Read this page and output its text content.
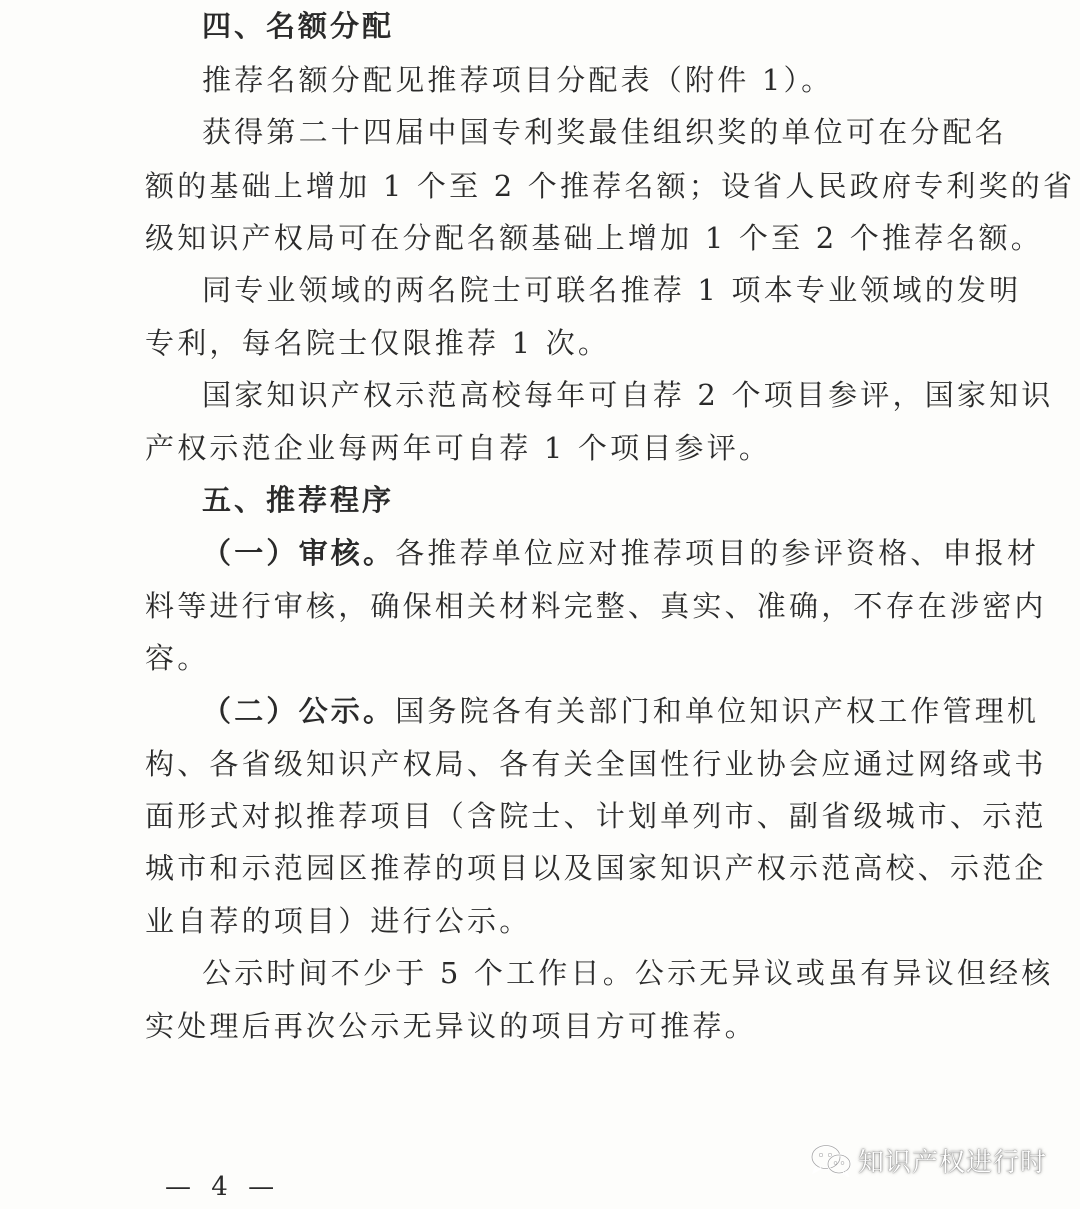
四、名额分配
推荐名额分配见推荐项目分配表（附件 1）。
获得第二十四届中国专利奖最佳组织奖的单位可在分配名
额的基础上增加 1 个至 2 个推荐名额；设省人民政府专利奖的省
级知识产权局可在分配名额基础上增加 1 个至 2 个推荐名额。
同专业领域的两名院士可联名推荐 1 项本专业领域的发明
专利，每名院士仅限推荐 1 次。
国家知识产权示范高校每年可自荐 2 个项目参评，国家知识
产权示范企业每两年可自荐 1 个项目参评。
五、推荐程序
（一）审核。各推荐单位应对推荐项目的参评资格、申报材
料等进行审核，确保相关材料完整、真实、准确，不存在涉密内
容。
（二）公示。国务院各有关部门和单位知识产权工作管理机
构、各省级知识产权局、各有关全国性行业协会应通过网络或书
面形式对拟推荐项目（含院士、计划单列市、副省级城市、示范
城市和示范园区推荐的项目以及国家知识产权示范高校、示范企
业自荐的项目）进行公示。
公示时间不少于 5 个工作日。公示无异议或虽有异议但经核
实处理后再次公示无异议的项目方可推荐。
— 4 —
知识产权进行时
